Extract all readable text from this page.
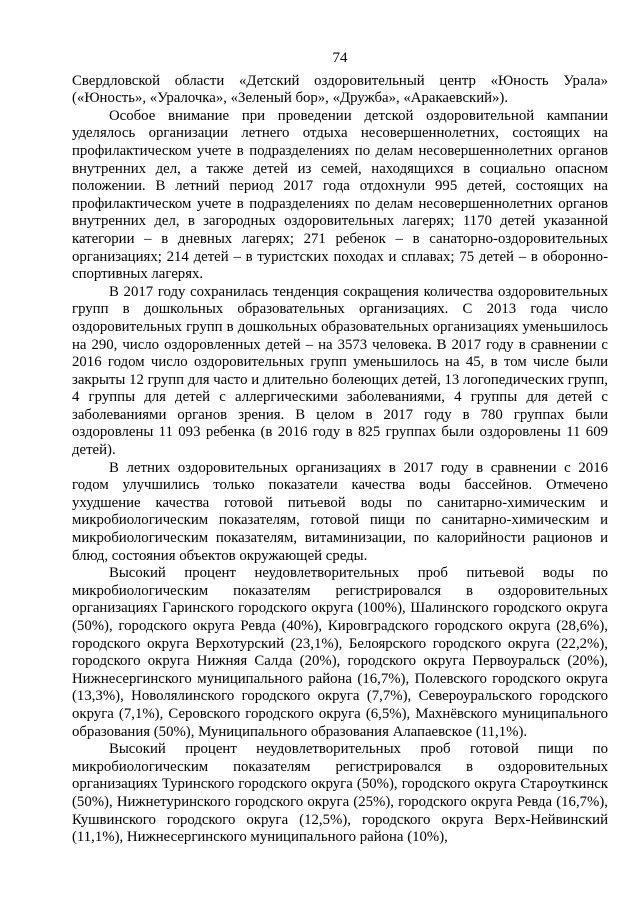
74

Свердловской области «Детский оздоровительный центр «Юность Урала» («Юность», «Уралочка», «Зеленый бор», «Дружба», «Аракаевский»).

Особое внимание при проведении детской оздоровительной кампании уделялось организации летнего отдыха несовершеннолетних, состоящих на профилактическом учете в подразделениях по делам несовершеннолетних органов внутренних дел, а также детей из семей, находящихся в социально опасном положении. В летний период 2017 года отдохнули 995 детей, состоящих на профилактическом учете в подразделениях по делам несовершеннолетних органов внутренних дел, в загородных оздоровительных лагерях; 1170 детей указанной категории – в дневных лагерях; 271 ребенок – в санаторно-оздоровительных организациях; 214 детей – в туристских походах и сплавах; 75 детей – в оборонно-спортивных лагерях.

В 2017 году сохранилась тенденция сокращения количества оздоровительных групп в дошкольных образовательных организациях. С 2013 года число оздоровительных групп в дошкольных образовательных организациях уменьшилось на 290, число оздоровленных детей – на 3573 человека. В 2017 году в сравнении с 2016 годом число оздоровительных групп уменьшилось на 45, в том числе были закрыты 12 групп для часто и длительно болеющих детей, 13 логопедических групп, 4 группы для детей с аллергическими заболеваниями, 4 группы для детей с заболеваниями органов зрения. В целом в 2017 году в 780 группах были оздоровлены 11 093 ребенка (в 2016 году в 825 группах были оздоровлены 11 609 детей).

В летних оздоровительных организациях в 2017 году в сравнении с 2016 годом улучшились только показатели качества воды бассейнов. Отмечено ухудшение качества готовой питьевой воды по санитарно-химическим и микробиологическим показателям, готовой пищи по санитарно-химическим и микробиологическим показателям, витаминизации, по калорийности рационов и блюд, состояния объектов окружающей среды.

Высокий процент неудовлетворительных проб питьевой воды по микробиологическим показателям регистрировался в оздоровительных организациях Гаринского городского округа (100%), Шалинского городского округа (50%), городского округа Ревда (40%), Кировградского городского округа (28,6%), городского округа Верхотурский (23,1%), Белоярского городского округа (22,2%), городского округа Нижняя Салда (20%), городского округа Первоуральск (20%), Нижнесергинского муниципального района (16,7%), Полевского городского округа (13,3%), Новолялинского городского округа (7,7%), Североуральского городского округа (7,1%), Серовского городского округа (6,5%), Махнёвского муниципального образования (50%), Муниципального образования Алапаевское (11,1%).

Высокий процент неудовлетворительных проб готовой пищи по микробиологическим показателям регистрировался в оздоровительных организациях Туринского городского округа (50%), городского округа Староуткинск (50%), Нижнетуринского городского округа (25%), городского округа Ревда (16,7%), Кушвинского городского округа (12,5%), городского округа Верх-Нейвинский (11,1%), Нижнесергинского муниципального района (10%),
